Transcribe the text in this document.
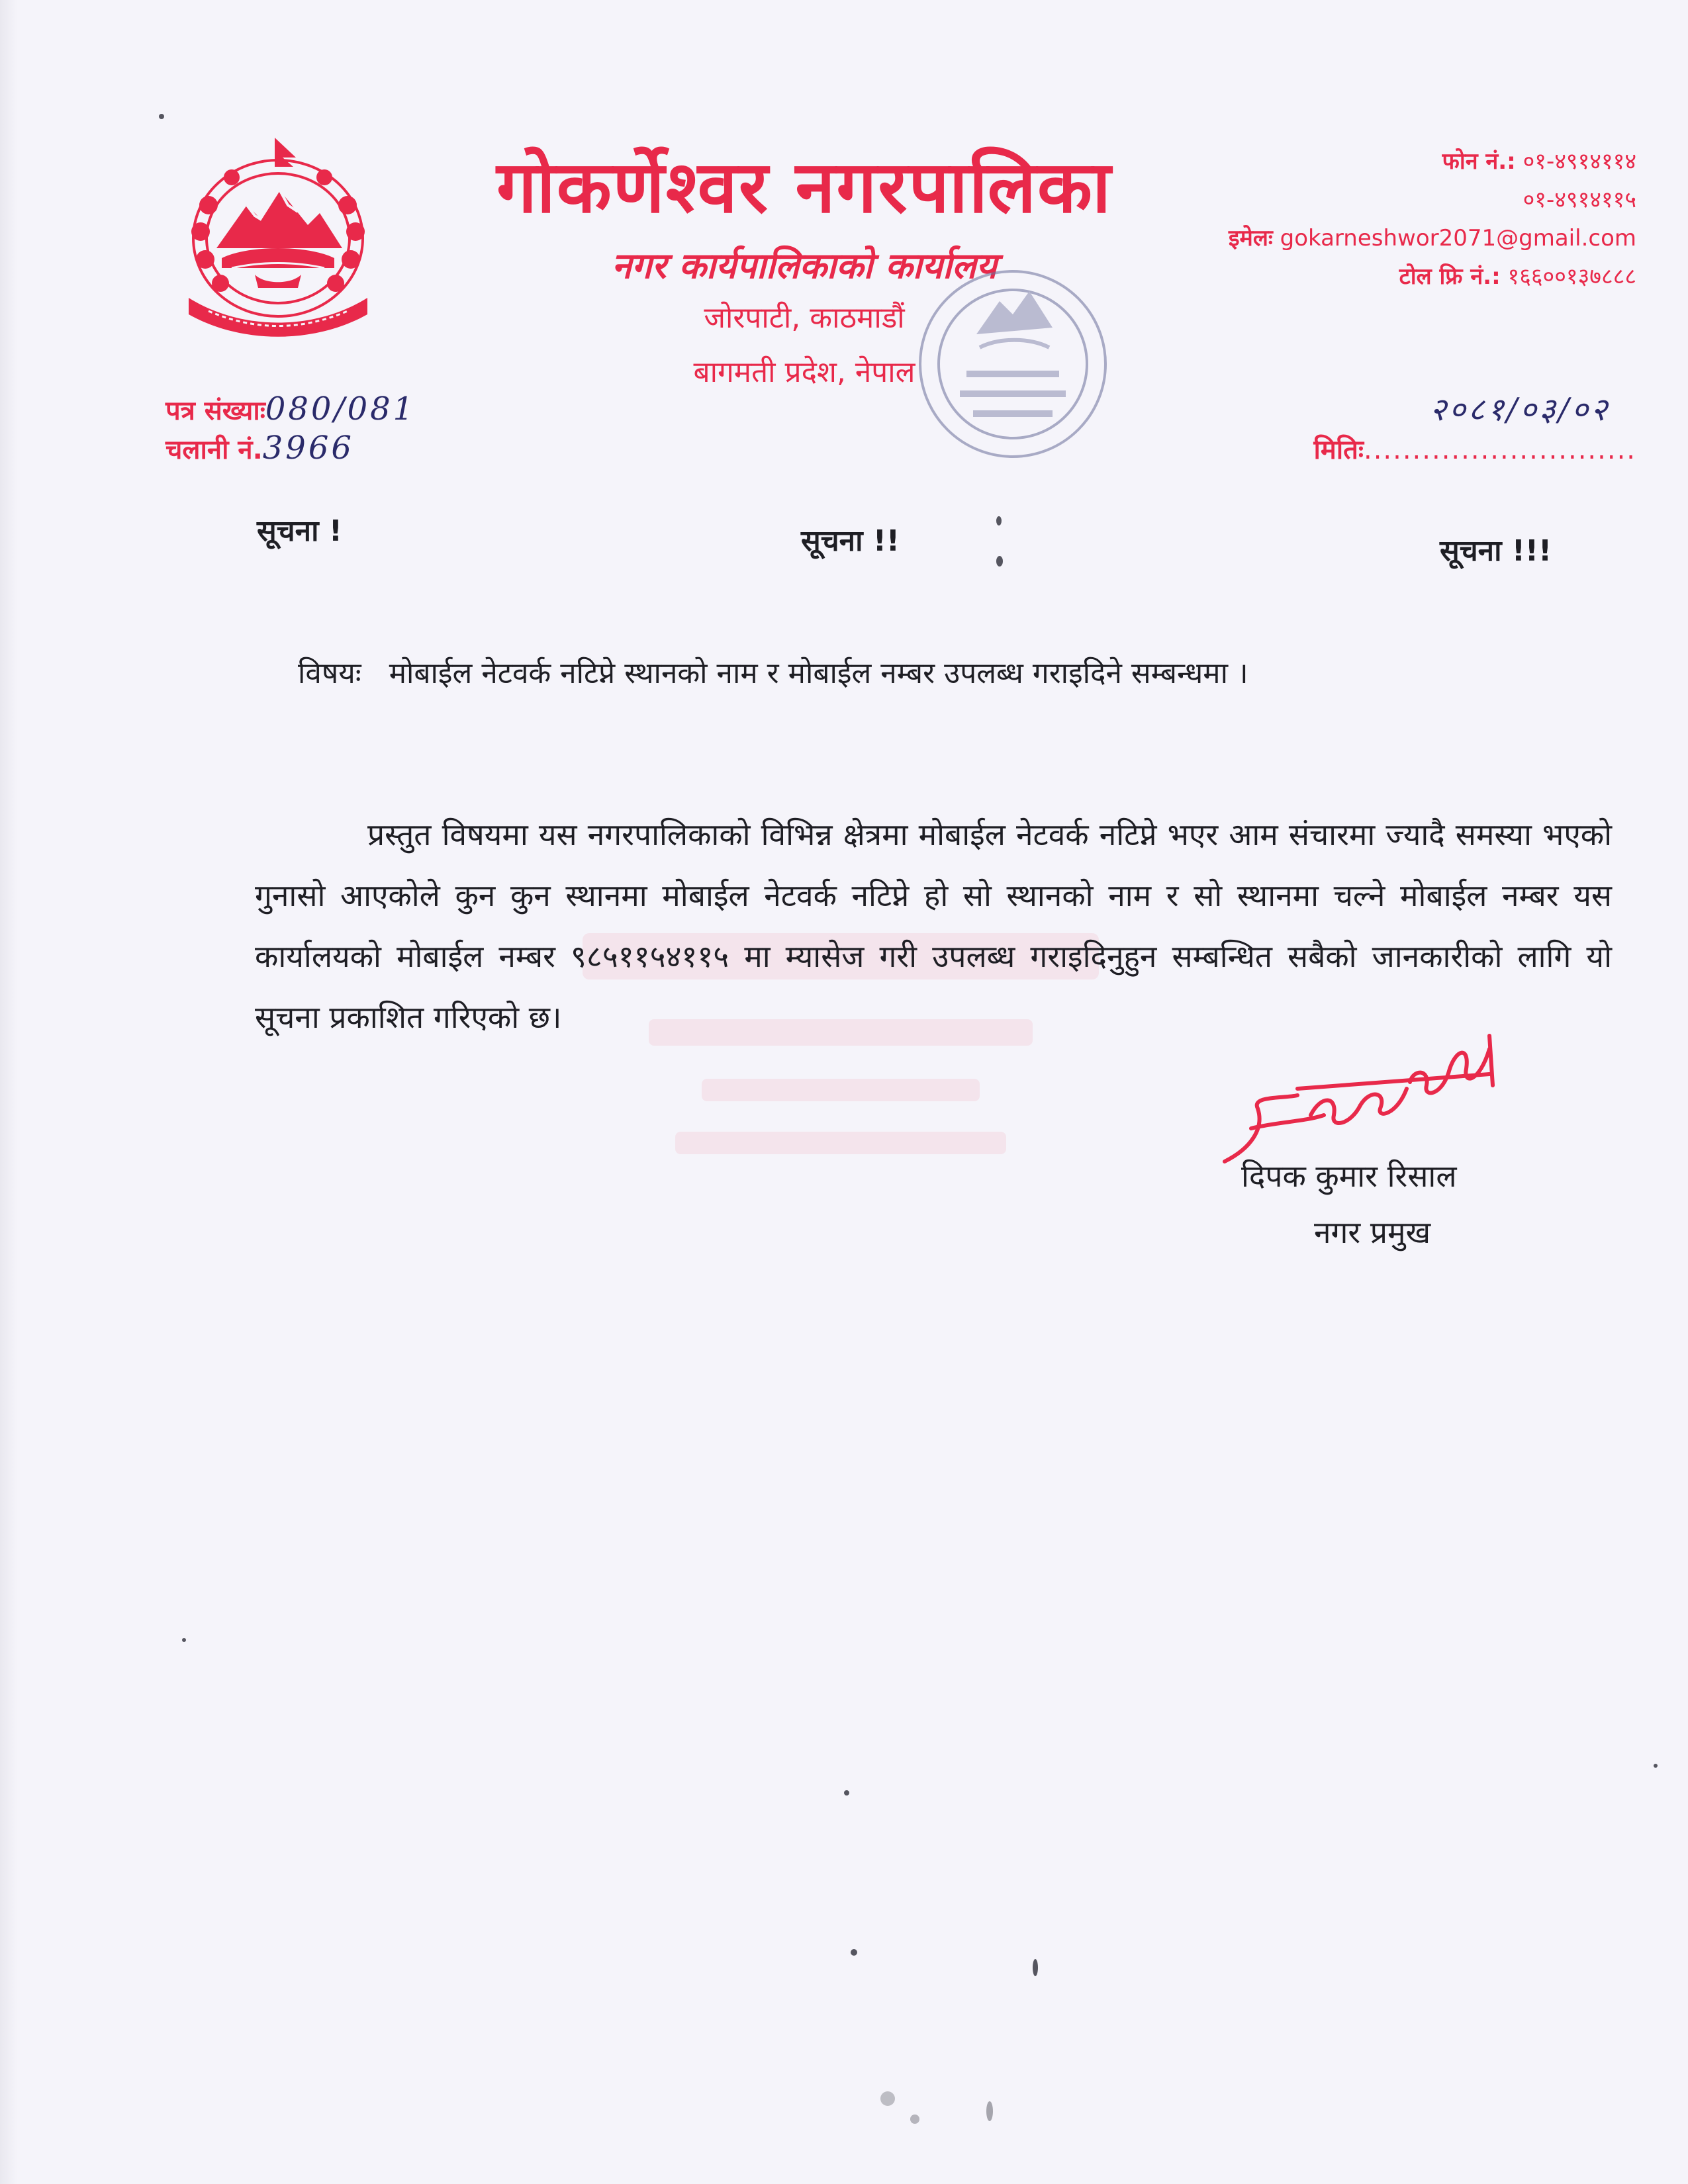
गोकर्णेश्वर नगरपालिका
नगर कार्यपालिकाको कार्यालय
जोरपाटी, काठमाडौं
बागमती प्रदेश, नेपाल
फोन नं.: ०१-४९१४११४
०१-४९१४११५
इमेलः gokarneshwor2071@gmail.com
टोल फ्रि नं.: १६६००१३७८८८
पत्र संख्याः080/081
चलानी नं.3966
२०८१/०३/०२
मितिः............................
सूचना !	सूचना !!	सूचना !!!
विषयः मोबाईल नेटवर्क नटिप्ने स्थानको नाम र मोबाईल नम्बर उपलब्ध गराइदिने सम्बन्धमा ।
प्रस्तुत विषयमा यस नगरपालिकाको विभिन्न क्षेत्रमा मोबाईल नेटवर्क नटिप्ने भएर आम संचारमा ज्यादै समस्या भएको गुनासो आएकोले कुन कुन स्थानमा मोबाईल नेटवर्क नटिप्ने हो सो स्थानको नाम र सो स्थानमा चल्ने मोबाईल नम्बर यस कार्यालयको मोबाईल नम्बर ९८५११५४११५ मा म्यासेज गरी उपलब्ध गराइदिनुहुन सम्बन्धित सबैको जानकारीको लागि यो सूचना प्रकाशित गरिएको छ।
दिपक कुमार रिसाल
नगर प्रमुख
